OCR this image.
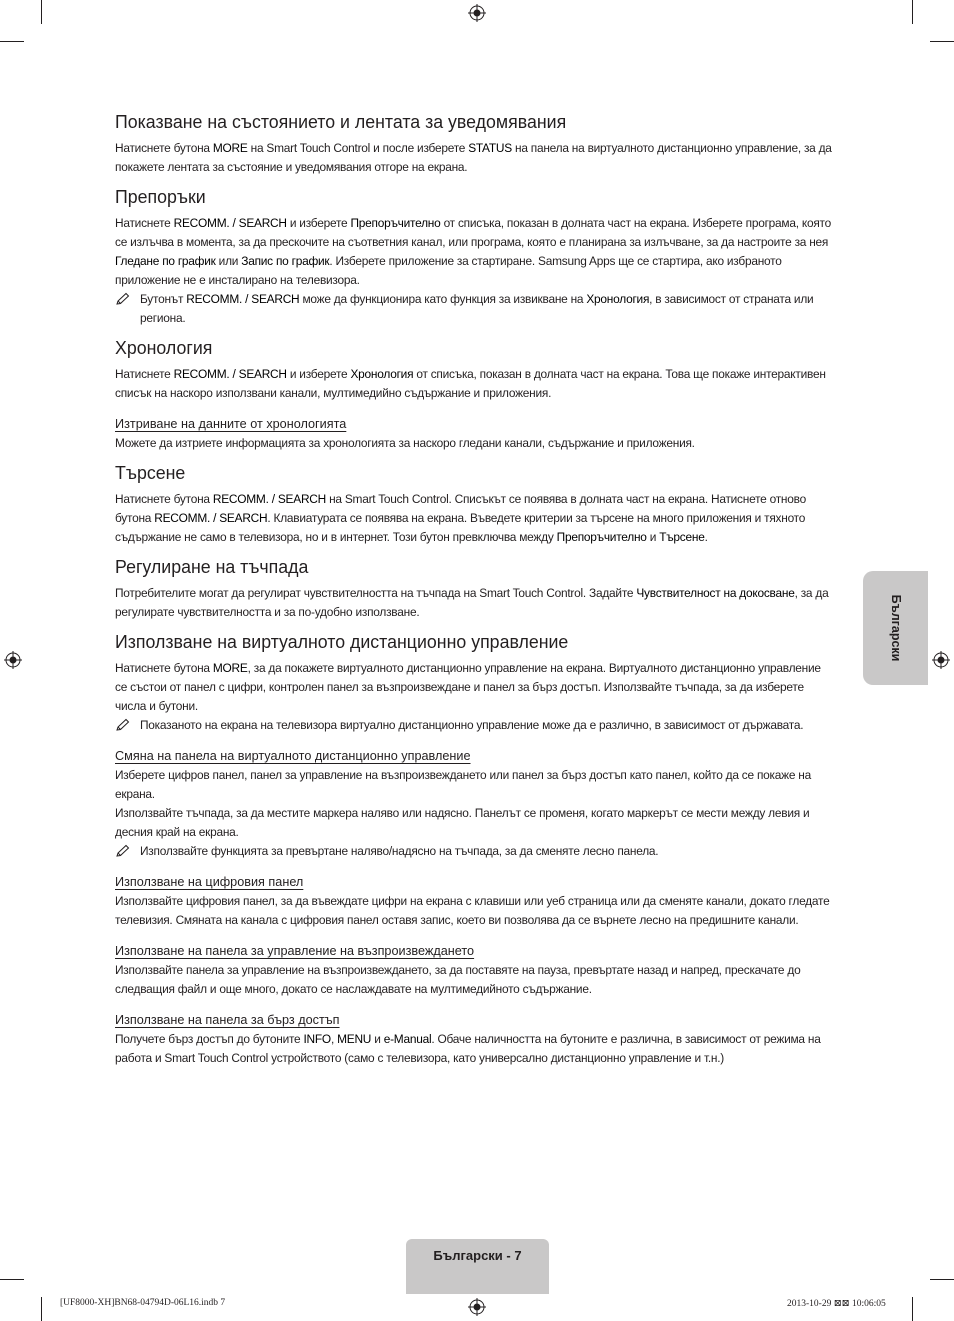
Показване на състоянието и лентата за уведомявания

Натиснете бутона MORE на Smart Touch Control и после изберете STATUS на панела на виртуалното дистанционно управление, за да покажете лентата за състояние и уведомявания отгоре на екрана.

Препоръки

Натиснете RECOMM. / SEARCH и изберете Препоръчително от списъка, показан в долната част на екрана. Изберете програма, която се излъчва в момента, за да прескочите на съответния канал, или програма, която е планирана за излъчване, за да настроите за нея Гледане по график или Запис по график. Изберете приложение за стартиране. Samsung Apps ще се стартира, ако избраното приложение не е инсталирано на телевизора.

Бутонът RECOMM. / SEARCH може да функционира като функция за извикване на Хронология, в зависимост от страната или региона.

Хронология

Натиснете RECOMM. / SEARCH и изберете Хронология от списъка, показан в долната част на екрана. Това ще покаже интерактивен списък на наскоро използвани канали, мултимедийно съдържание и приложения.

Изтриване на данните от хронологията

Можете да изтриете информацията за хронологията за наскоро гледани канали, съдържание и приложения.

Търсене

Натиснете бутона RECOMM. / SEARCH на Smart Touch Control. Списъкът се появява в долната част на екрана. Натиснете отново бутона RECOMM. / SEARCH. Клавиатурата се появява на екрана. Въведете критерии за търсене на много приложения и тяхното съдържание не само в телевизора, но и в интернет. Този бутон превключва между Препоръчително и Търсене.

Регулиране на тъчпада

Потребителите могат да регулират чувствителността на тъчпада на Smart Touch Control. Задайте Чувствителност на докосване, за да регулирате чувствителността и за по-удобно използване.

Използване на виртуалното дистанционно управление

Натиснете бутона MORE, за да покажете виртуалното дистанционно управление на екрана. Виртуалното дистанционно управление се състои от панел с цифри, контролен панел за възпроизвеждане и панел за бърз достъп. Използвайте тъчпада, за да изберете числа и бутони.

Показаното на екрана на телевизора виртуално дистанционно управление може да е различно, в зависимост от държавата.

Смяна на панела на виртуалното дистанционно управление

Изберете цифров панел, панел за управление на възпроизвеждането или панел за бърз достъп като панел, който да се покаже на екрана.

Използвайте тъчпада, за да местите маркера наляво или надясно. Панелът се променя, когато маркерът се мести между левия и десния край на екрана.

Използвайте функцията за превъртане наляво/надясно на тъчпада, за да сменяте лесно панела.

Използване на цифровия панел

Използвайте цифровия панел, за да въвеждате цифри на екрана с клавиши или уеб страница или да сменяте канали, докато гледате телевизия. Смяната на канала с цифровия панел оставя запис, което ви позволява да се върнете лесно на предишните канали.

Използване на панела за управление на възпроизвеждането

Използвайте панела за управление на възпроизвеждането, за да поставяте на пауза, превъртате назад и напред, прескачате до следващия файл и още много, докато се наслаждавате на мултимедийното съдържание.

Използване на панела за бърз достъп

Получете бърз достъп до бутоните INFO, MENU и e-Manual. Обаче наличността на бутоните е различна, в зависимост от режима на работа и Smart Touch Control устройството (само с телевизора, като универсално дистанционно управление и т.н.)

Български
Български - 7
[UF8000-XH]BN68-04794D-06L16.indb 7	2013-10-29 ⊠⊠ 10:06:05
